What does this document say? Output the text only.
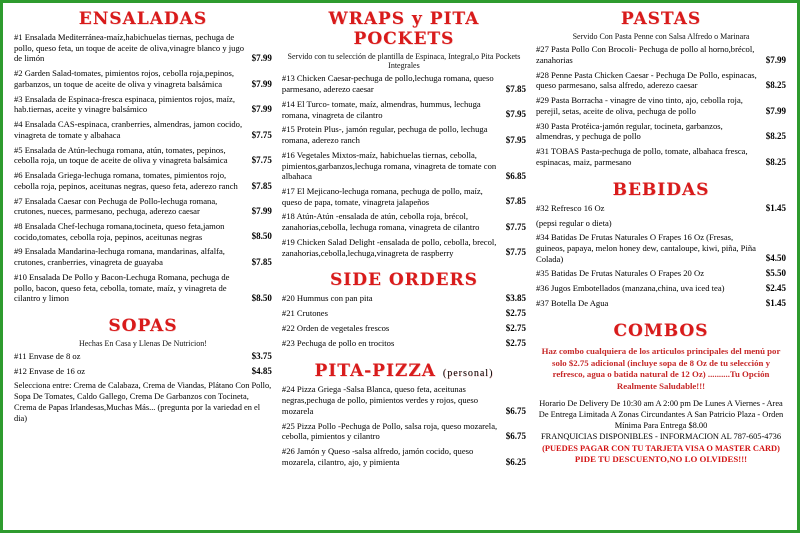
ENSALADAS
#1 Ensalada Mediterránea-maíz,habichuelas tiernas, pechuga de pollo, queso feta, un toque de aceite de oliva,vinagre blanco y jugo de limón	$7.99
#2 Garden Salad-tomates, pimientos rojos, cebolla roja,pepinos, garbanzos, un toque de aceite de oliva y vinagreta balsámica	$7.99
#3 Ensalada de Espinaca-fresca espinaca, pimientos rojos, maíz, hab.tiernas, aceite y vinagre balsámico	$7.99
#4 Ensalada CAS-espinaca, cranberries, almendras, jamon cocido, vinagreta de tomate y albahaca	$7.75
#5 Ensalada de Atún-lechuga romana, atún, tomates, pepinos, cebolla roja, un toque de aceite de oliva y vinagreta balsámica	$7.75
#6 Ensalada Griega-lechuga romana, tomates, pimientos rojo, cebolla roja, pepinos, aceitunas negras, queso feta, aderezo ranch	$7.85
#7 Ensalada Caesar con Pechuga de Pollo-lechuga romana, crutones, nueces, parmesano, pechuga, aderezo caesar	$7.99
#8 Ensalada Chef-lechuga romana,tocineta, queso feta,jamon cocido,tomates, cebolla roja, pepinos, aceitunas negras	$8.50
#9 Ensalada Mandarina-lechuga romana, mandarinas, alfalfa, crutones, cranberries, vinagreta de guayaba	$7.85
#10 Ensalada De Pollo y Bacon-Lechuga Romana, pechuga de pollo, bacon, queso feta, cebolla, tomate, maíz, y vinagreta de cilantro y limon	$8.50
SOPAS
Hechas En Casa y Llenas De Nutricion!
#11 Envase de 8 oz	$3.75
#12 Envase de 16 oz	$4.85
Selecciona entre: Crema de Calabaza, Crema de Viandas, Plátano Con Pollo, Sopa De Tomates, Caldo Gallego, Crema De Garbanzos con Tocineta, Crema de Papas Irlandesas,Muchas Más... (pregunta por la variedad en el dia)
WRAPS y PITA POCKETS
Servido con tu selección de plantilla de Espinaca, Integral,o Pita Pockets Integrales
#13 Chicken Caesar-pechuga de pollo,lechuga romana, queso parmesano, aderezo caesar	$7.85
#14 El Turco- tomate, maíz, almendras, hummus, lechuga romana, vinagreta de cilantro	$7.95
#15 Protein Plus-, jamón regular, pechuga de pollo, lechuga romana, aderezo ranch	$7.95
#16 Vegetales Mixtos-maíz, habichuelas tiernas, cebolla, pimientos,garbanzos,lechuga romana, vinagreta de tomate con albahaca	$6.85
#17 El Mejicano-lechuga romana, pechuga de pollo, maíz, queso de papa, tomate, vinagreta jalapeños	$7.85
#18 Atún-Atún -ensalada de atún, cebolla roja, brécol, zanahorias,cebolla, lechuga romana, vinagreta de cilantro	$7.75
#19 Chicken Salad Delight -ensalada de pollo, cebolla, brecol, zanahorias,cebolla,lechuga,vinagreta de raspberry	$7.75
SIDE ORDERS
#20 Hummus con pan pita	$3.85
#21 Crutones	$2.75
#22 Orden de vegetales frescos	$2.75
#23 Pechuga de pollo en trocitos	$2.75
PITA-PIZZA (personal)
#24 Pizza Griega -Salsa Blanca, queso feta, aceitunas negras,pechuga de pollo, pimientos verdes y rojos, queso mozarela	$6.75
#25 Pizza Pollo -Pechuga de Pollo, salsa roja, queso mozarela, cebolla, pimientos y cilantro	$6.75
#26 Jamón y Queso -salsa alfredo, jamón cocido, queso mozarela, cilantro, ajo, y pimienta	$6.25
PASTAS
Servido Con Pasta Penne con Salsa Alfredo o Marinara
#27 Pasta Pollo Con Brocoli- Pechuga de pollo al horno,brécol, zanahorias	$7.99
#28 Penne Pasta Chicken Caesar - Pechuga De Pollo, espinacas, queso parmesano, salsa alfredo, aderezo caesar	$8.25
#29 Pasta Borracha - vinagre de vino tinto, ajo, cebolla roja, perejil, setas, aceite de oliva, pechuga de pollo	$7.99
#30 Pasta Protéica-jamón regular, tocineta, garbanzos, almendras, y pechuga de pollo	$8.25
#31 TOBAS Pasta-pechuga de pollo, tomate, albahaca fresca, espinacas, maiz, parmesano	$8.25
BEBIDAS
#32 Refresco 16 Oz	$1.45
(pepsi regular o dieta)
#34 Batidas De Frutas Naturales O Frapes 16 Oz (Fresas, guineos, papaya, melon honey dew, cantaloupe, kiwi, piña, Piña Colada)	$4.50
#35 Batidas De Frutas Naturales O Frapes 20 Oz	$5.50
#36 Jugos Embotellados (manzana,china, uva iced tea)	$2.45
#37 Botella De Agua	$1.45
COMBOS
Haz combo cualquiera de los articulos principales del menú por solo $2.75 adicional (incluye sopa de 8 Oz de tu selección y refresco, agua o batida natural de 12 Oz) ..........Tu Opción Realmente Saludable!!!
Horario De Delivery De 10:30 am A 2:00 pm De Lunes A Viernes - Area De Entrega Limitada A Zonas Circundantes A San Patricio Plaza - Orden Mínima Para Entrega $8.00
FRANQUICIAS DISPONIBLES - INFORMACION AL 787-605-4736
(PUEDES PAGAR CON TU TARJETA VISA O MASTER CARD)
PIDE TU DESCUENTO,NO LO OLVIDES!!!
